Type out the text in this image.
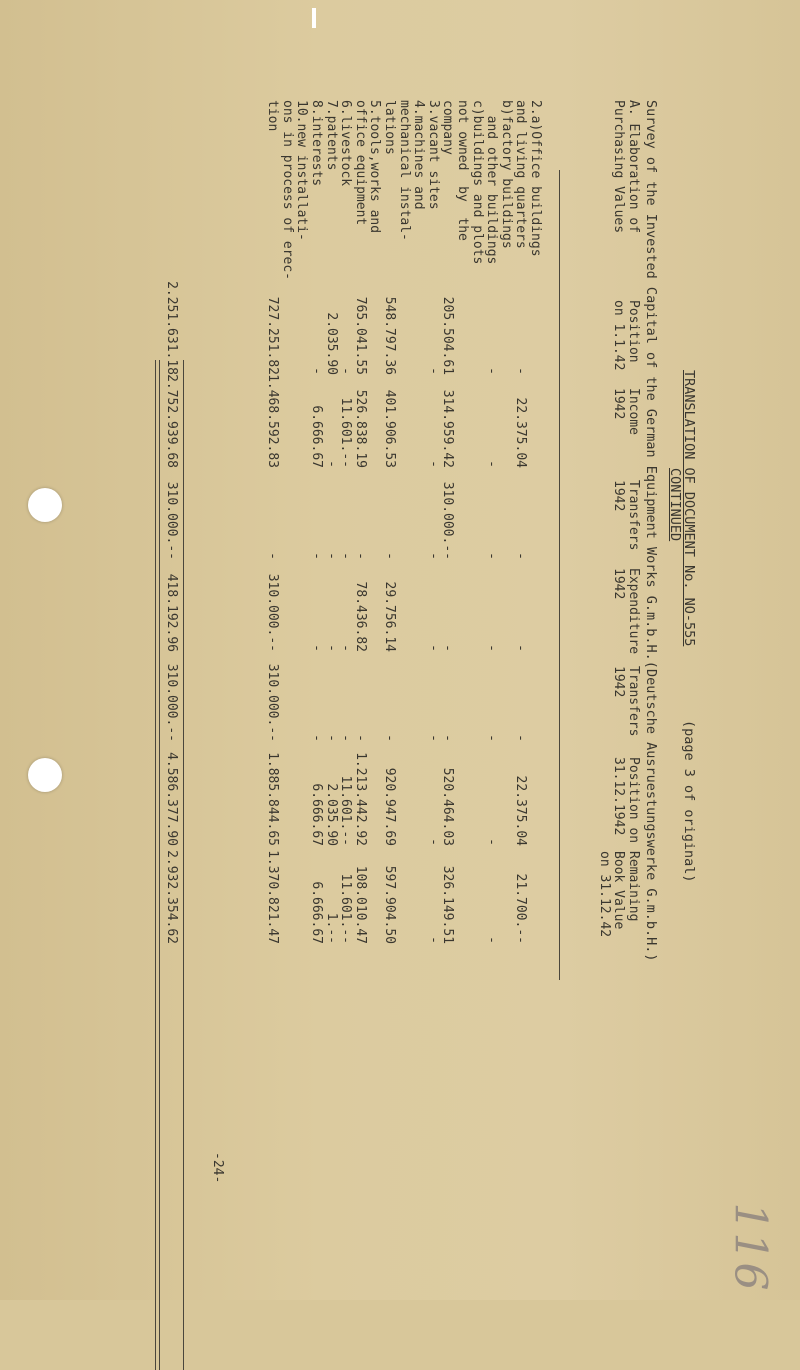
116
TRANSLATION OF DOCUMENT No. NO-555
(page 3 of original)
CONTINUED
Survey of the Invested Capital of the German Equipment Works G.m.b.H.(Deutsche Ausruestungswerke G.m.b.H.)
A. Elaboration of
Purchasing Values
Position
on 1.1.42
Income
1942
Transfers
1942
Expenditure
1942
Transfers
1942
Position on
31.12.1942
Remaining
Book Value
on 31.12.42
2.a)Office buildings
and living quarters
b)factory buildings
and other buildings
c)buildings and plots
not owned  by  the
company
3.vacant sites
4.machines and
mechanical instal-
lations
5.tools,works and
office equipment
6.livestock
7.patents
8.interests
10.new installati-
ons in process of erec-
tion
-
22.375.04
-
-
-
22.375.04
21.700.--
-
-
-
-
-
-
-
205.504.61
314.959.42
310.000.--
-
-
520.464.03
326.149.51
-
-
-
-
-
-
-
548.797.36
401.906.53
-
29.756.14
-
920.947.69
597.904.50
765.041.55
526.838.19
-
78.436.82
-
1.213.442.92
108.010.47
-
11.601.--
-
-
-
11.601.--
11.601.--
2.035.90
-
-
-
-
2.035.90
1.--
-
6.666.67
-
-
-
6.666.67
6.666.67
727.251.82
1.468.592.83
-
310.000.--
310.000.--
1.885.844.65
1.370.821.47
2.251.631.18
2.752.939.68
310.000.--
418.192.96
310.000.--
4.586.377.90
2.932.354.62
-24-
